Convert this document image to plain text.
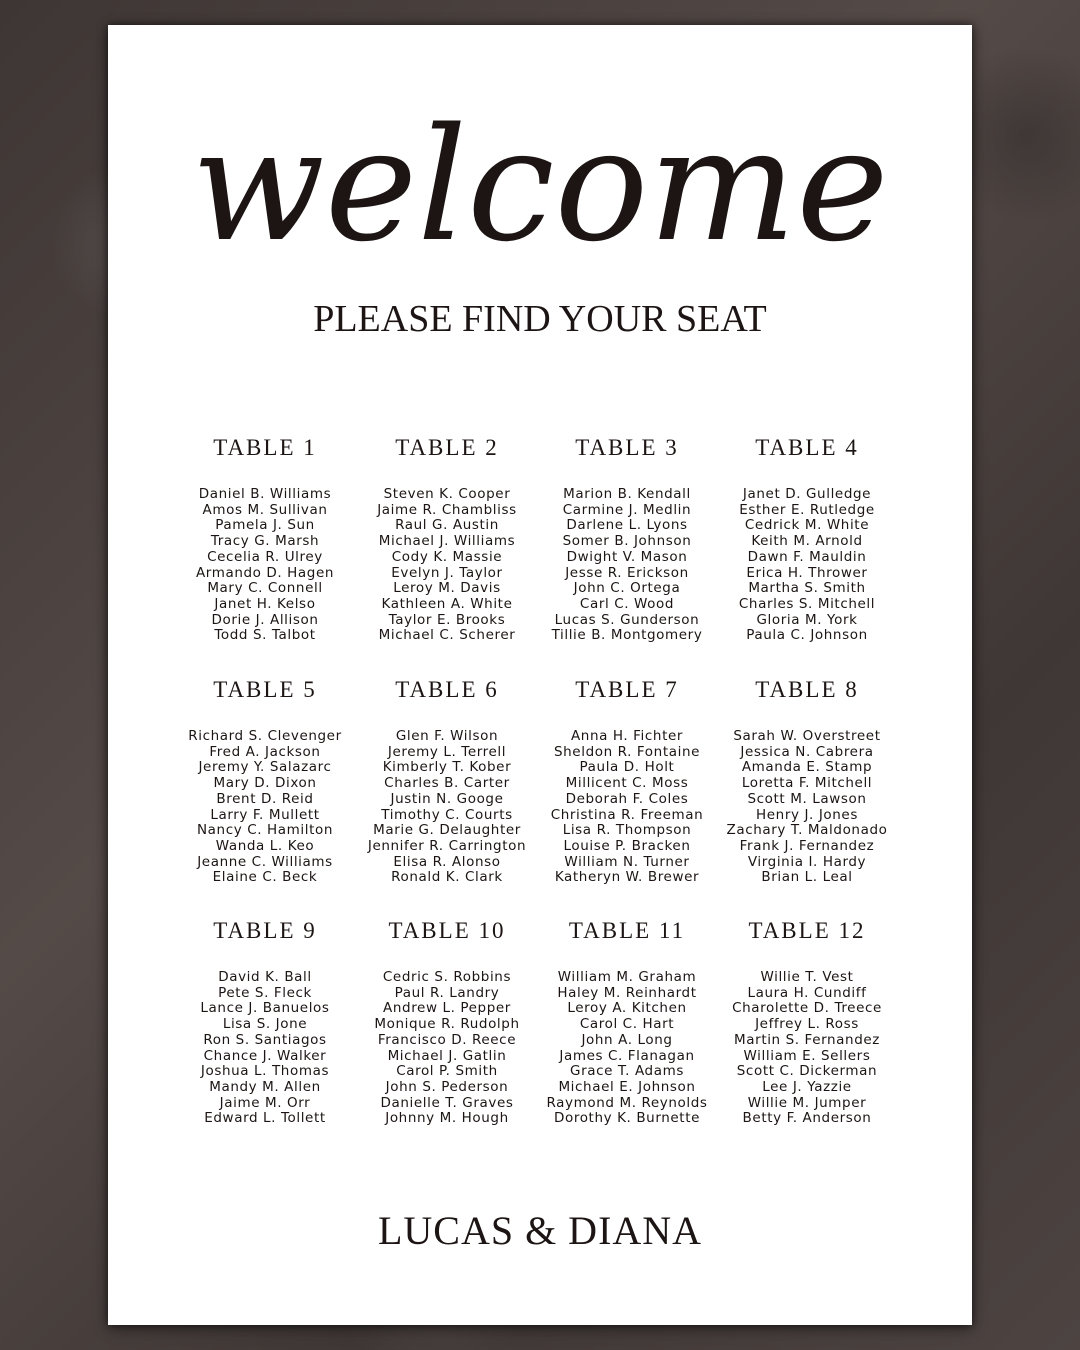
welcome
PLEASE FIND YOUR SEAT
TABLE 1
Daniel B. Williams
Amos M. Sullivan
Pamela J. Sun
Tracy G. Marsh
Cecelia R. Ulrey
Armando D. Hagen
Mary C. Connell
Janet H. Kelso
Dorie J. Allison
Todd S. Talbot
TABLE 2
Steven K. Cooper
Jaime R. Chambliss
Raul G. Austin
Michael J. Williams
Cody K. Massie
Evelyn J. Taylor
Leroy M. Davis
Kathleen A. White
Taylor E. Brooks
Michael C. Scherer
TABLE 3
Marion B. Kendall
Carmine J. Medlin
Darlene L. Lyons
Somer B. Johnson
Dwight V. Mason
Jesse R. Erickson
John C. Ortega
Carl C. Wood
Lucas S. Gunderson
Tillie B. Montgomery
TABLE 4
Janet D. Gulledge
Esther E. Rutledge
Cedrick M. White
Keith M. Arnold
Dawn F. Mauldin
Erica H. Thrower
Martha S. Smith
Charles S. Mitchell
Gloria M. York
Paula C. Johnson
TABLE 5
Richard S. Clevenger
Fred A. Jackson
Jeremy Y. Salazarc
Mary D. Dixon
Brent D. Reid
Larry F. Mullett
Nancy C. Hamilton
Wanda L. Keo
Jeanne C. Williams
Elaine C. Beck
TABLE 6
Glen F. Wilson
Jeremy L. Terrell
Kimberly T. Kober
Charles B. Carter
Justin N. Googe
Timothy C. Courts
Marie G. Delaughter
Jennifer R. Carrington
Elisa R. Alonso
Ronald K. Clark
TABLE 7
Anna H. Fichter
Sheldon R. Fontaine
Paula D. Holt
Millicent C. Moss
Deborah F. Coles
Christina R. Freeman
Lisa R. Thompson
Louise P. Bracken
William N. Turner
Katheryn W. Brewer
TABLE 8
Sarah W. Overstreet
Jessica N. Cabrera
Amanda E. Stamp
Loretta F. Mitchell
Scott M. Lawson
Henry J. Jones
Zachary T. Maldonado
Frank J. Fernandez
Virginia I. Hardy
Brian L. Leal
TABLE 9
David K. Ball
Pete S. Fleck
Lance J. Banuelos
Lisa S. Jone
Ron S. Santiagos
Chance J. Walker
Joshua L. Thomas
Mandy M. Allen
Jaime M. Orr
Edward L. Tollett
TABLE 10
Cedric S. Robbins
Paul R. Landry
Andrew L. Pepper
Monique R. Rudolph
Francisco D. Reece
Michael J. Gatlin
Carol P. Smith
John S. Pederson
Danielle T. Graves
Johnny M. Hough
TABLE 11
William M. Graham
Haley M. Reinhardt
Leroy A. Kitchen
Carol C. Hart
John A. Long
James C. Flanagan
Grace T. Adams
Michael E. Johnson
Raymond M. Reynolds
Dorothy K. Burnette
TABLE 12
Willie T. Vest
Laura H. Cundiff
Charolette D. Treece
Jeffrey L. Ross
Martin S. Fernandez
William E. Sellers
Scott C. Dickerman
Lee J. Yazzie
Willie M. Jumper
Betty F. Anderson
LUCAS & DIANA
